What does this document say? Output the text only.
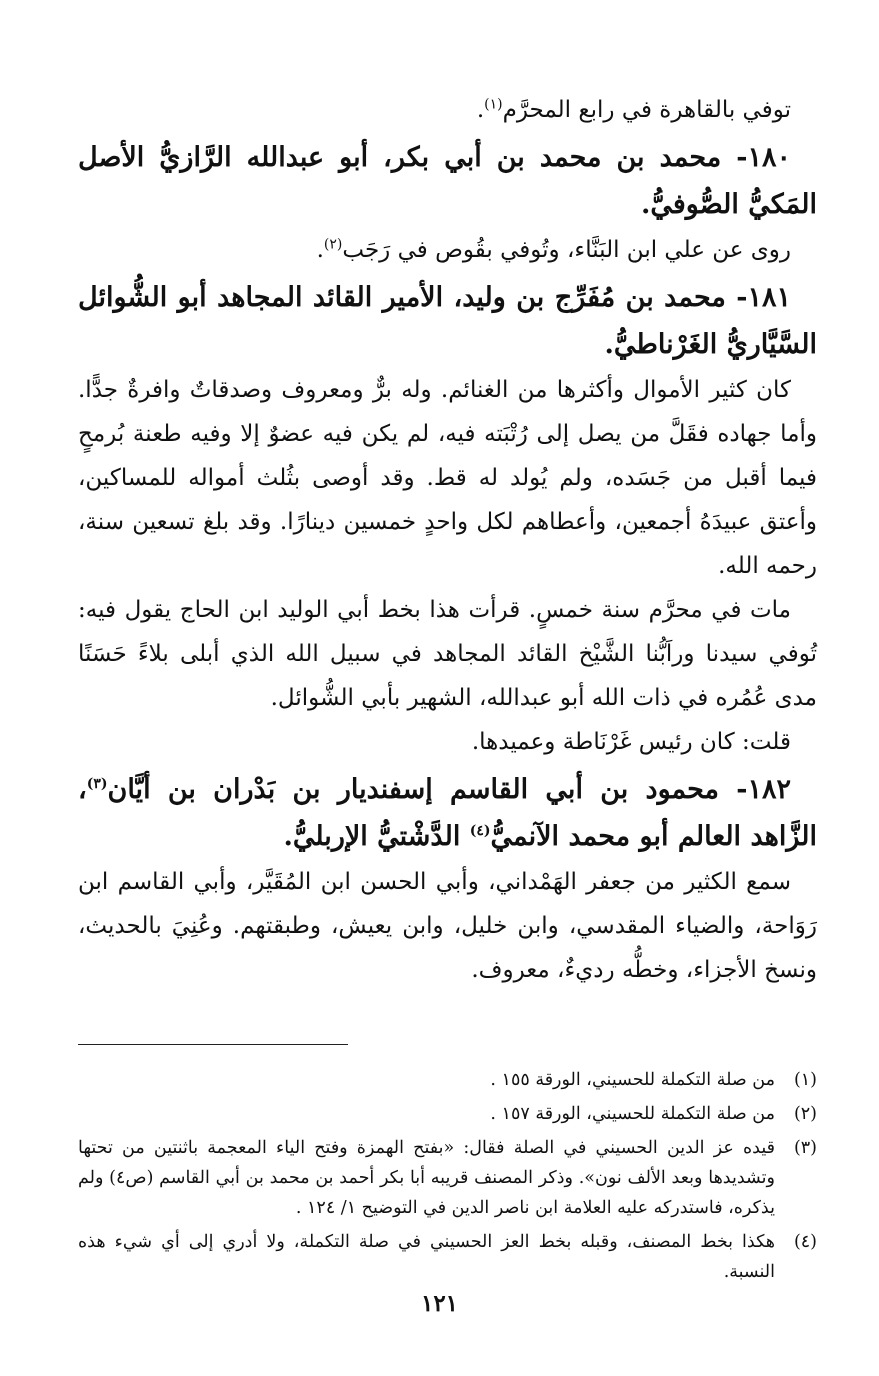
توفي بالقاهرة في رابع المحرَّم$^{(١)}$.

١٨٠- محمد بن محمد بن أبي بكر، أبو عبدالله الرَّازيُّ الأصل المَكيُّ الصُّوفيُّ.

روى عن علي ابن البَنَّاء، وتُوفي بقُوص في رَجَب$^{(٢)}$.

١٨١- محمد بن مُفَرِّج بن وليد، الأمير القائد المجاهد أبو الشُّوائل السَّيَّاريُّ الغَرْناطيُّ.

كان كثير الأموال وأكثرها من الغنائم. وله برٌّ ومعروف وصدقاتٌ وافرةٌ جدًّا. وأما جهاده فقَلَّ من يصل إلى رُتْبَته فيه، لم يكن فيه عضوٌ إلا وفيه طعنة بُرمحٍ فيما أقبل من جَسَده، ولم يُولد له قط. وقد أوصى بثُلث أمواله للمساكين، وأعتق عبيدَهُ أجمعين، وأعطاهم لكل واحدٍ خمسين دينارًا. وقد بلغ تسعين سنة، رحمه الله.

مات في محرَّم سنة خمسٍ. قرأت هذا بخط أبي الوليد ابن الحاج يقول فيه: تُوفي سيدنا وراَبُّنا الشَّيْخ القائد المجاهد في سبيل الله الذي أبلى بلاءً حَسَنًا مدى عُمُره في ذات الله أبو عبدالله، الشهير بأبي الشُّوائل.

قلت: كان رئيس غَرْنَاطة وعميدها.

١٨٢- محمود بن أبي القاسم إسفنديار بن بَدْران بن أيَّان$^{(٣)}$، الزَّاهد العالم أبو محمد الآنميُّ$^{(٤)}$ الدَّشْتيُّ الإربليُّ.

سمع الكثير من جعفر الهَمْداني، وأبي الحسن ابن المُقَيَّر، وأبي القاسم ابن رَوَاحة، والضياء المقدسي، وابن خليل، وابن يعيش، وطبقتهم. وعُنِيَ بالحديث، ونسخ الأجزاء، وخطُّه رديءٌ، معروف.

(١)
من صلة التكملة للحسيني، الورقة ١٥٥ .
(٢)
من صلة التكملة للحسيني، الورقة ١٥٧ .
(٣)
قيده عز الدين الحسيني في الصلة فقال: «بفتح الهمزة وفتح الياء المعجمة باثنتين من تحتها وتشديدها وبعد الألف نون». وذكر المصنف قريبه أبا بكر أحمد بن محمد بن أبي القاسم (ص٤) ولم يذكره، فاستدركه عليه العلامة ابن ناصر الدين في التوضيح ١/ ١٢٤ .
(٤)
هكذا بخط المصنف، وقبله بخط العز الحسيني في صلة التكملة، ولا أدري إلى أي شيء هذه النسبة.
١٢١
